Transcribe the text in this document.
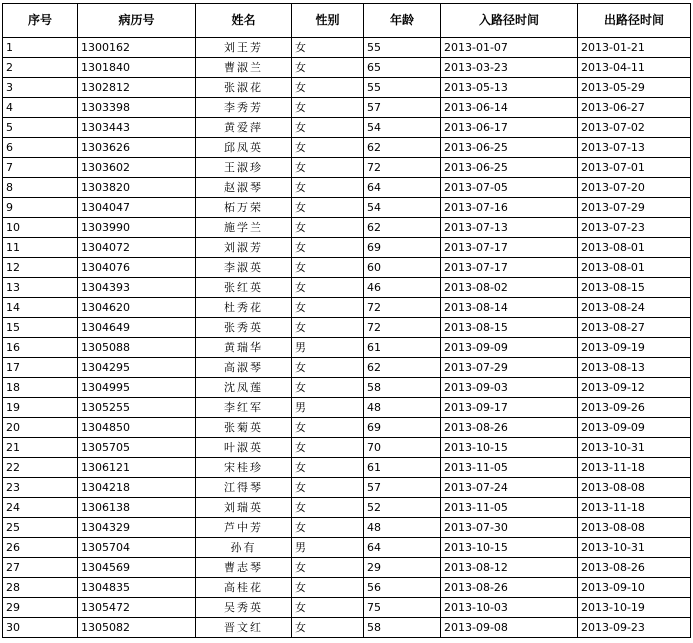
序号	病历号	姓名	性别	年龄	入路径时间	出路径时间
1	1300162	刘王芳	女	55	2013-01-07	2013-01-21
2	1301840	曹淑兰	女	65	2013-03-23	2013-04-11
3	1302812	张淑花	女	55	2013-05-13	2013-05-29
4	1303398	李秀芳	女	57	2013-06-14	2013-06-27
5	1303443	黄爱萍	女	54	2013-06-17	2013-07-02
6	1303626	邱凤英	女	62	2013-06-25	2013-07-13
7	1303602	王淑珍	女	72	2013-06-25	2013-07-01
8	1303820	赵淑琴	女	64	2013-07-05	2013-07-20
9	1304047	柘万荣	女	54	2013-07-16	2013-07-29
10	1303990	施学兰	女	62	2013-07-13	2013-07-23
11	1304072	刘淑芳	女	69	2013-07-17	2013-08-01
12	1304076	李淑英	女	60	2013-07-17	2013-08-01
13	1304393	张红英	女	46	2013-08-02	2013-08-15
14	1304620	杜秀花	女	72	2013-08-14	2013-08-24
15	1304649	张秀英	女	72	2013-08-15	2013-08-27
16	1305088	黄瑞华	男	61	2013-09-09	2013-09-19
17	1304295	高淑琴	女	62	2013-07-29	2013-08-13
18	1304995	沈凤莲	女	58	2013-09-03	2013-09-12
19	1305255	李红军	男	48	2013-09-17	2013-09-26
20	1304850	张菊英	女	69	2013-08-26	2013-09-09
21	1305705	叶淑英	女	70	2013-10-15	2013-10-31
22	1306121	宋桂珍	女	61	2013-11-05	2013-11-18
23	1304218	江得琴	女	57	2013-07-24	2013-08-08
24	1306138	刘瑞英	女	52	2013-11-05	2013-11-18
25	1304329	芦中芳	女	48	2013-07-30	2013-08-08
26	1305704	孙有	男	64	2013-10-15	2013-10-31
27	1304569	曹志琴	女	29	2013-08-12	2013-08-26
28	1304835	高桂花	女	56	2013-08-26	2013-09-10
29	1305472	吴秀英	女	75	2013-10-03	2013-10-19
30	1305082	晋文红	女	58	2013-09-08	2013-09-23
